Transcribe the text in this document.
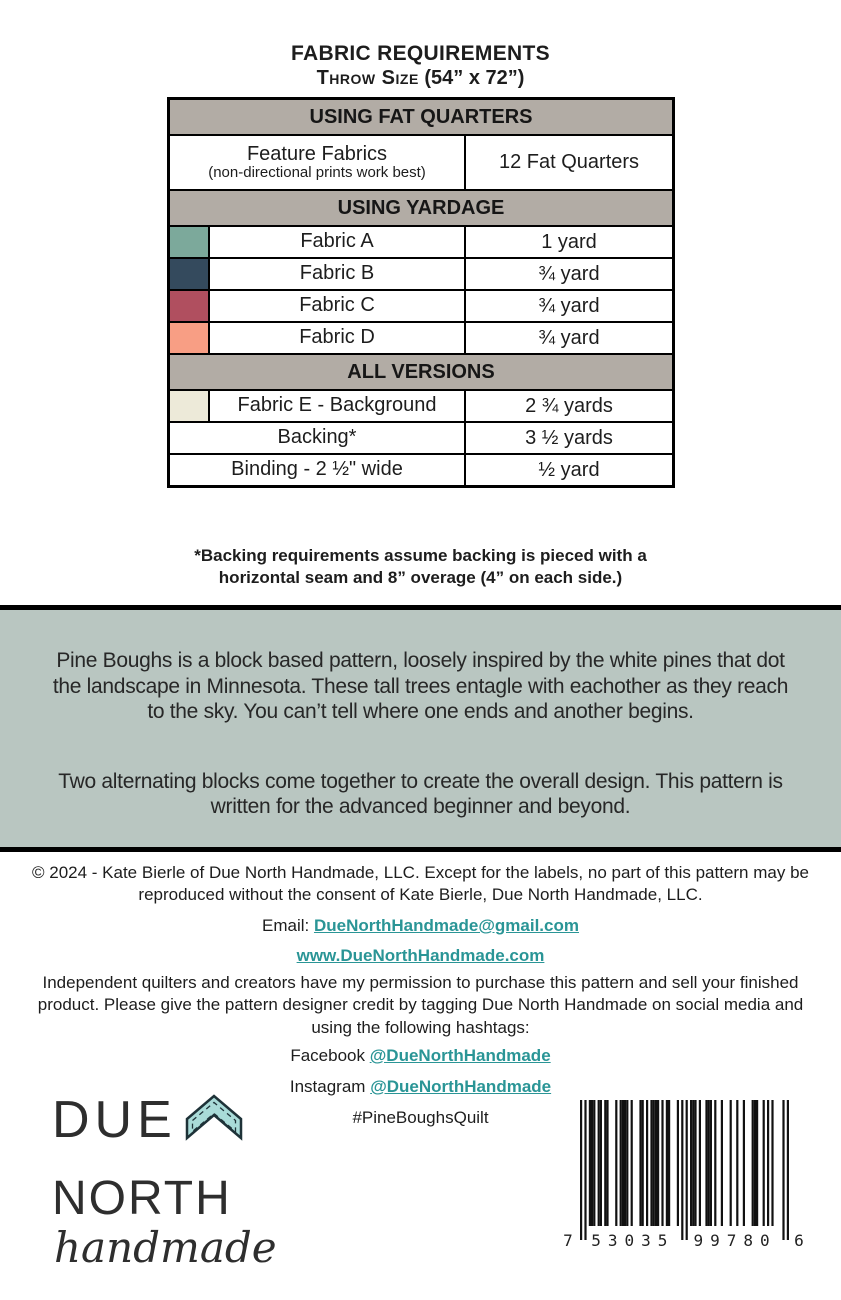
FABRIC REQUIREMENTS
Throw Size (54” x 72”)
USING FAT QUARTERS
Feature Fabrics
(non-directional prints work best)	12 Fat Quarters
USING YARDAGE
Fabric A	1 yard
Fabric B	¾ yard
Fabric C	¾ yard
Fabric D	¾ yard
ALL VERSIONS
Fabric E - Background	2 ¾ yards
Backing*	3 ½ yards
Binding - 2 ½" wide	½ yard
*Backing requirements assume backing is pieced with a horizontal seam and 8” overage (4” on each side.)

Pine Boughs is a block based pattern, loosely inspired by the white pines that dot the landscape in Minnesota. These tall trees entagle with eachother as they reach to the sky. You can’t tell where one ends and another begins.

Two alternating blocks come together to create the overall design. This pattern is written for the advanced beginner and beyond.

© 2024 - Kate Bierle of Due North Handmade, LLC. Except for the labels, no part of this pattern may be reproduced without the consent of Kate Bierle, Due North Handmade, LLC.
Email: DueNorthHandmade@gmail.com
www.DueNorthHandmade.com
Independent quilters and creators have my permission to purchase this pattern and sell your finished product. Please give the pattern designer credit by tagging Due North Handmade on social media and using the following hashtags:
Facebook @DueNorthHandmade
Instagram @DueNorthHandmade
#PineBoughsQuilt
DUE
NORTH
handmade	7 53035 99780 6
